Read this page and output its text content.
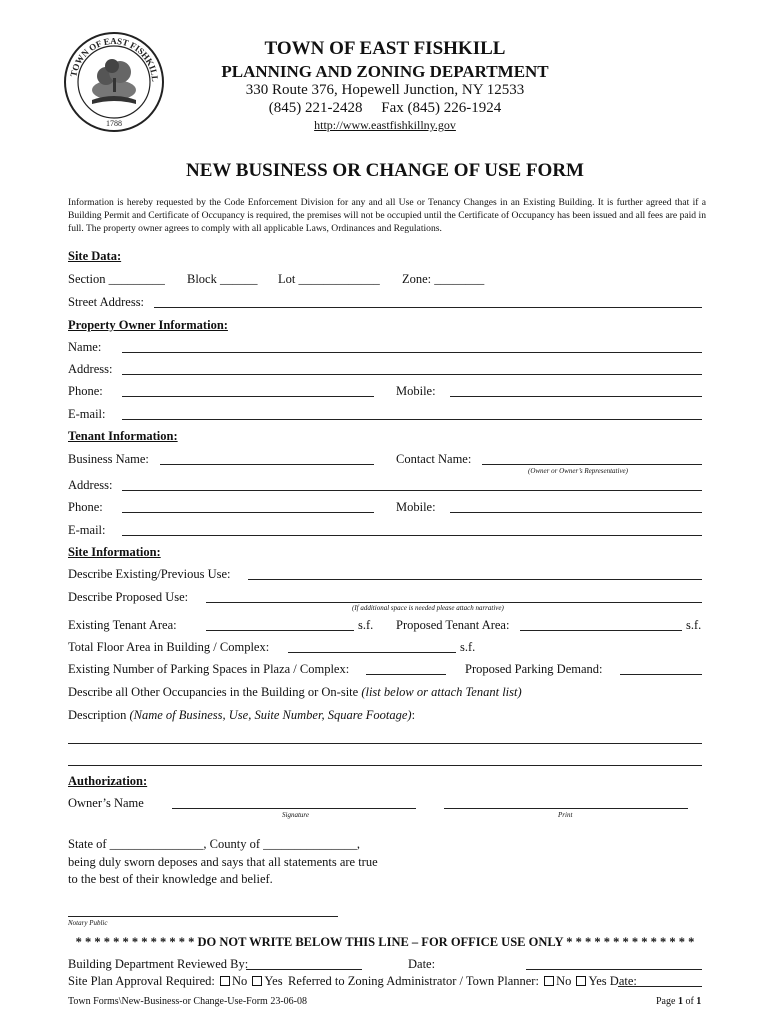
TOWN OF EAST FISHKILL
1788
TOWN OF EAST FISHKILL
PLANNING AND ZONING DEPARTMENT
330 Route 376, Hopewell Junction, NY 12533
(845) 221-2428     Fax (845) 226-1924
http://www.eastfishkillny.gov
NEW BUSINESS OR CHANGE OF USE FORM
Information is hereby requested by the Code Enforcement Division for any and all Use or Tenancy Changes in an Existing Building. It is further agreed that if a Building Permit and Certificate of Occupancy is required, the premises will not be occupied until the Certificate of Occupancy has been issued and all fees are paid in full. The property owner agrees to comply with all applicable Laws, Ordinances and Regulations.
Site Data:
Section _________ Block ______ Lot _____________ Zone: ________
Street Address:
Property Owner Information:
Name:
Address:
Phone:	Mobile:
E-mail:
Tenant Information:
Business Name:	Contact Name:
(Owner or Owner’s Representative)
Address:
Phone:	Mobile:
E-mail:
Site Information:
Describe Existing/Previous Use:
Describe Proposed Use:
(If additional space is needed please attach narrative)
Existing Tenant Area:	s.f. Proposed Tenant Area:	s.f.
Total Floor Area in Building / Complex:	s.f.
Existing Number of Parking Spaces in Plaza / Complex:	Proposed Parking Demand:
Describe all Other Occupancies in the Building or On-site (list below or attach Tenant list)
Description (Name of Business, Use, Suite Number, Square Footage):
Authorization:
Owner’s Name
Signature	Print
State of _______________, County of _______________,
being duly sworn deposes and says that all statements are true
to the best of their knowledge and belief.
Notary Public
* * * * * * * * * * * * * DO NOT WRITE BELOW THIS LINE – FOR OFFICE USE ONLY * * * * * * * * * * * * * *
Building Department Reviewed By:	Date:
Site Plan Approval Required: No Yes Referred to Zoning Administrator / Town Planner: No Yes Date:
Town Forms\New-Business-or Change-Use-Form 23-06-08	Page 1 of 1
